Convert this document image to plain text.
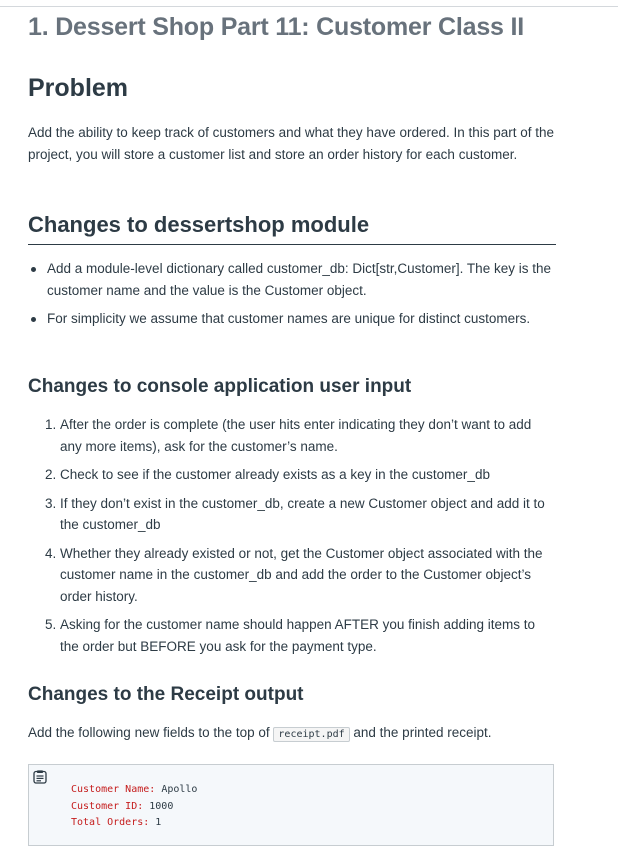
1. Dessert Shop Part 11: Customer Class II
Problem

Add the ability to keep track of customers and what they have ordered. In this part of the project, you will store a customer list and store an order history for each customer.

Changes to dessertshop module
Add a module-level dictionary called customer_db: Dict[str,Customer]. The key is the customer name and the value is the Customer object.
For simplicity we assume that customer names are unique for distinct customers.
Changes to console application user input
1. After the order is complete (the user hits enter indicating they don’t want to add any more items), ask for the customer’s name.
2. Check to see if the customer already exists as a key in the customer_db
3. If they don’t exist in the customer_db, create a new Customer object and add it to the customer_db
4. Whether they already existed or not, get the Customer object associated with the customer name in the customer_db and add the order to the Customer object’s order history.
5. Asking for the customer name should happen AFTER you finish adding items to the order but BEFORE you ask for the payment type.
Changes to the Receipt output

Add the following new fields to the top of receipt.pdf and the printed receipt.

Customer Name: Apollo
Customer ID: 1000
Total Orders: 1
